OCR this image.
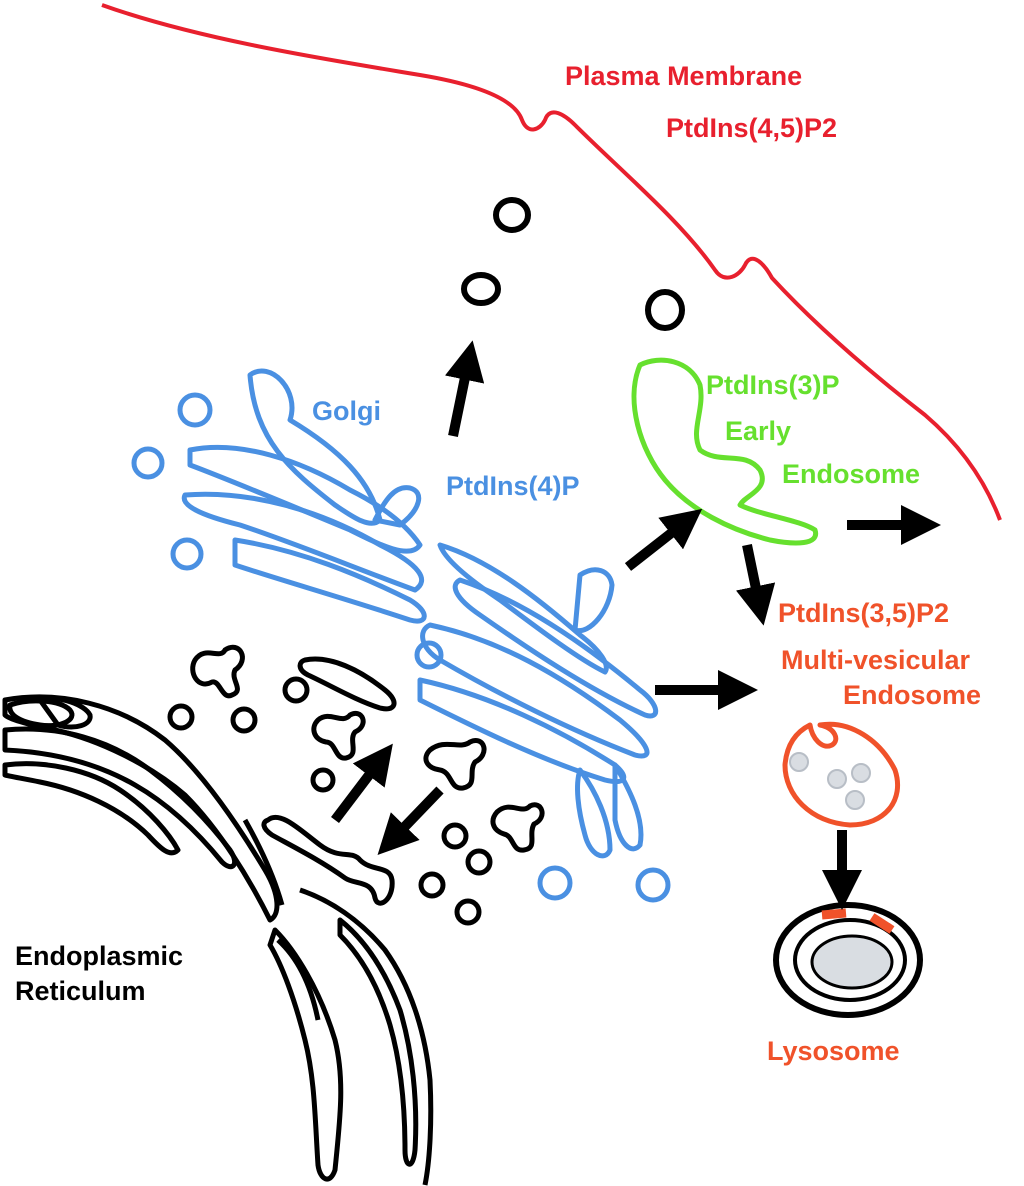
Plasma Membrane
PtdIns(4,5)P2
Golgi
PtdIns(4)P
PtdIns(3)P
Early
Endosome
PtdIns(3,5)P2
Multi-vesicular
Endosome
Endoplasmic
Reticulum
Lysosome
